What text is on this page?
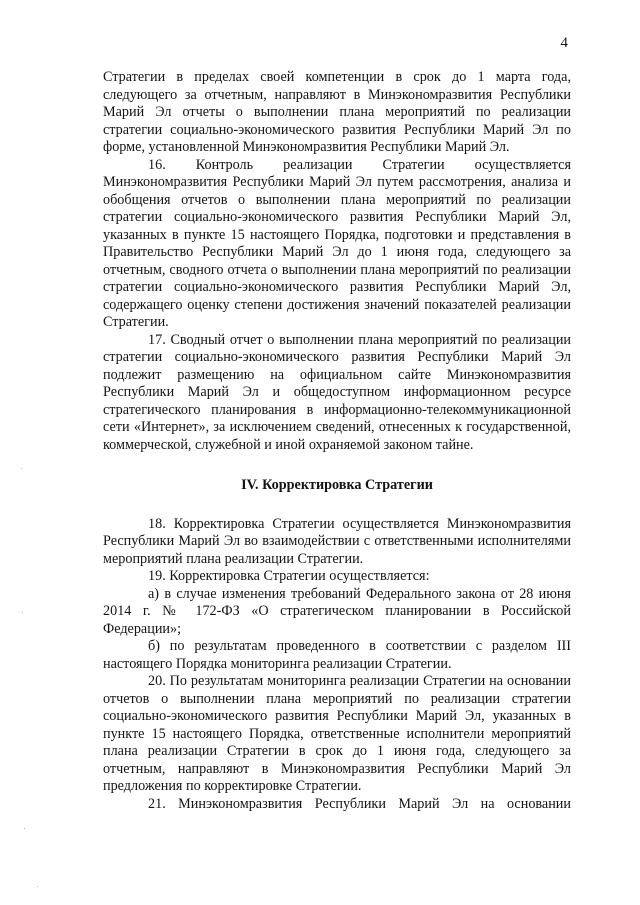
4

Стратегии в пределах своей компетенции в срок до 1 марта года, следующего за отчетным, направляют в Минэкономразвития Республики Марий Эл отчеты о выполнении плана мероприятий по реализации стратегии социально-экономического развития Республики Марий Эл по форме, установленной Минэкономразвития Республики Марий Эл.

16. Контроль реализации Стратегии осуществляется Минэкономразвития Республики Марий Эл путем рассмотрения, анализа и обобщения отчетов о выполнении плана мероприятий по реализации стратегии социально-экономического развития Республики Марий Эл, указанных в пункте 15 настоящего Порядка, подготовки и представления в Правительство Республики Марий Эл до 1 июня года, следующего за отчетным, сводного отчета о выполнении плана мероприятий по реализации стратегии социально-экономического развития Республики Марий Эл, содержащего оценку степени достижения значений показателей реализации Стратегии.

17. Сводный отчет о выполнении плана мероприятий по реализации стратегии социально-экономического развития Республики Марий Эл подлежит размещению на официальном сайте Минэкономразвития Республики Марий Эл и общедоступном информационном ресурсе стратегического планирования в информационно-телекоммуникационной сети «Интернет», за исключением сведений, отнесенных к государственной, коммерческой, служебной и иной охраняемой законом тайне.

IV. Корректировка Стратегии

18. Корректировка Стратегии осуществляется Минэкономразвития Республики Марий Эл во взаимодействии с ответственными исполнителями мероприятий плана реализации Стратегии.

19. Корректировка Стратегии осуществляется:

а) в случае изменения требований Федерального закона от 28 июня 2014 г. № 172-ФЗ «О стратегическом планировании в Российской Федерации»;

б) по результатам проведенного в соответствии с разделом III настоящего Порядка мониторинга реализации Стратегии.

20. По результатам мониторинга реализации Стратегии на основании отчетов о выполнении плана мероприятий по реализации стратегии социально-экономического развития Республики Марий Эл, указанных в пункте 15 настоящего Порядка, ответственные исполнители мероприятий плана реализации Стратегии в срок до 1 июня года, следующего за отчетным, направляют в Минэкономразвития Республики Марий Эл предложения по корректировке Стратегии.

21. Минэкономразвития Республики Марий Эл на основании
